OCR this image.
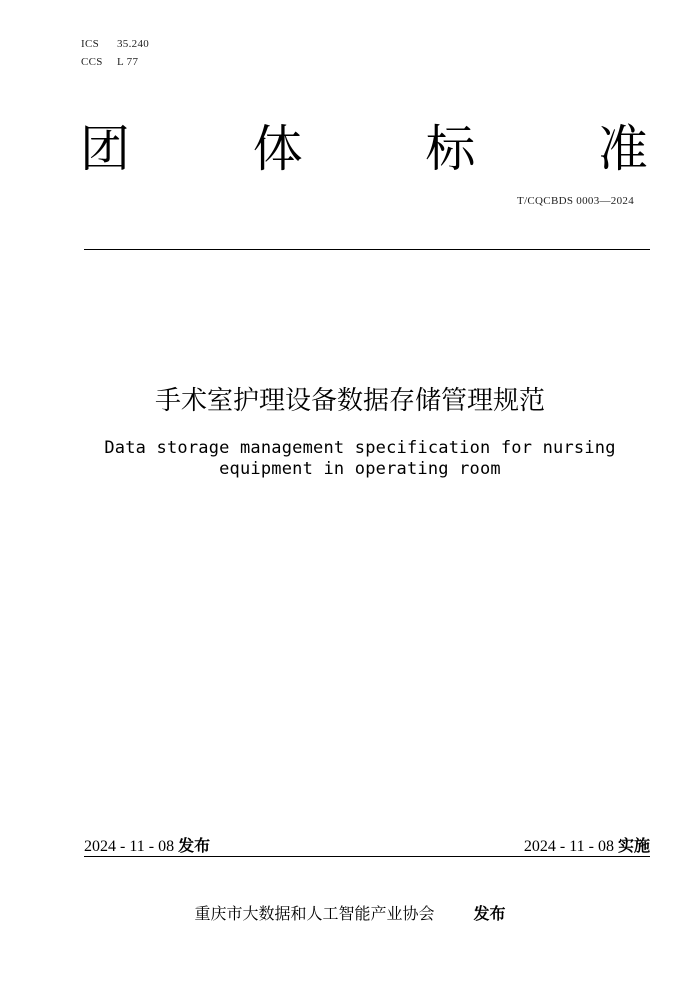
ICS	35.240
CCS	L 77
团 体 标 准
T/CQCBDS 0003—2024
手术室护理设备数据存储管理规范
Data storage management specification for nursing
equipment in operating room
2024 - 11 - 08 发布	2024 - 11 - 08 实施
重庆市大数据和人工智能产业协会 发布
